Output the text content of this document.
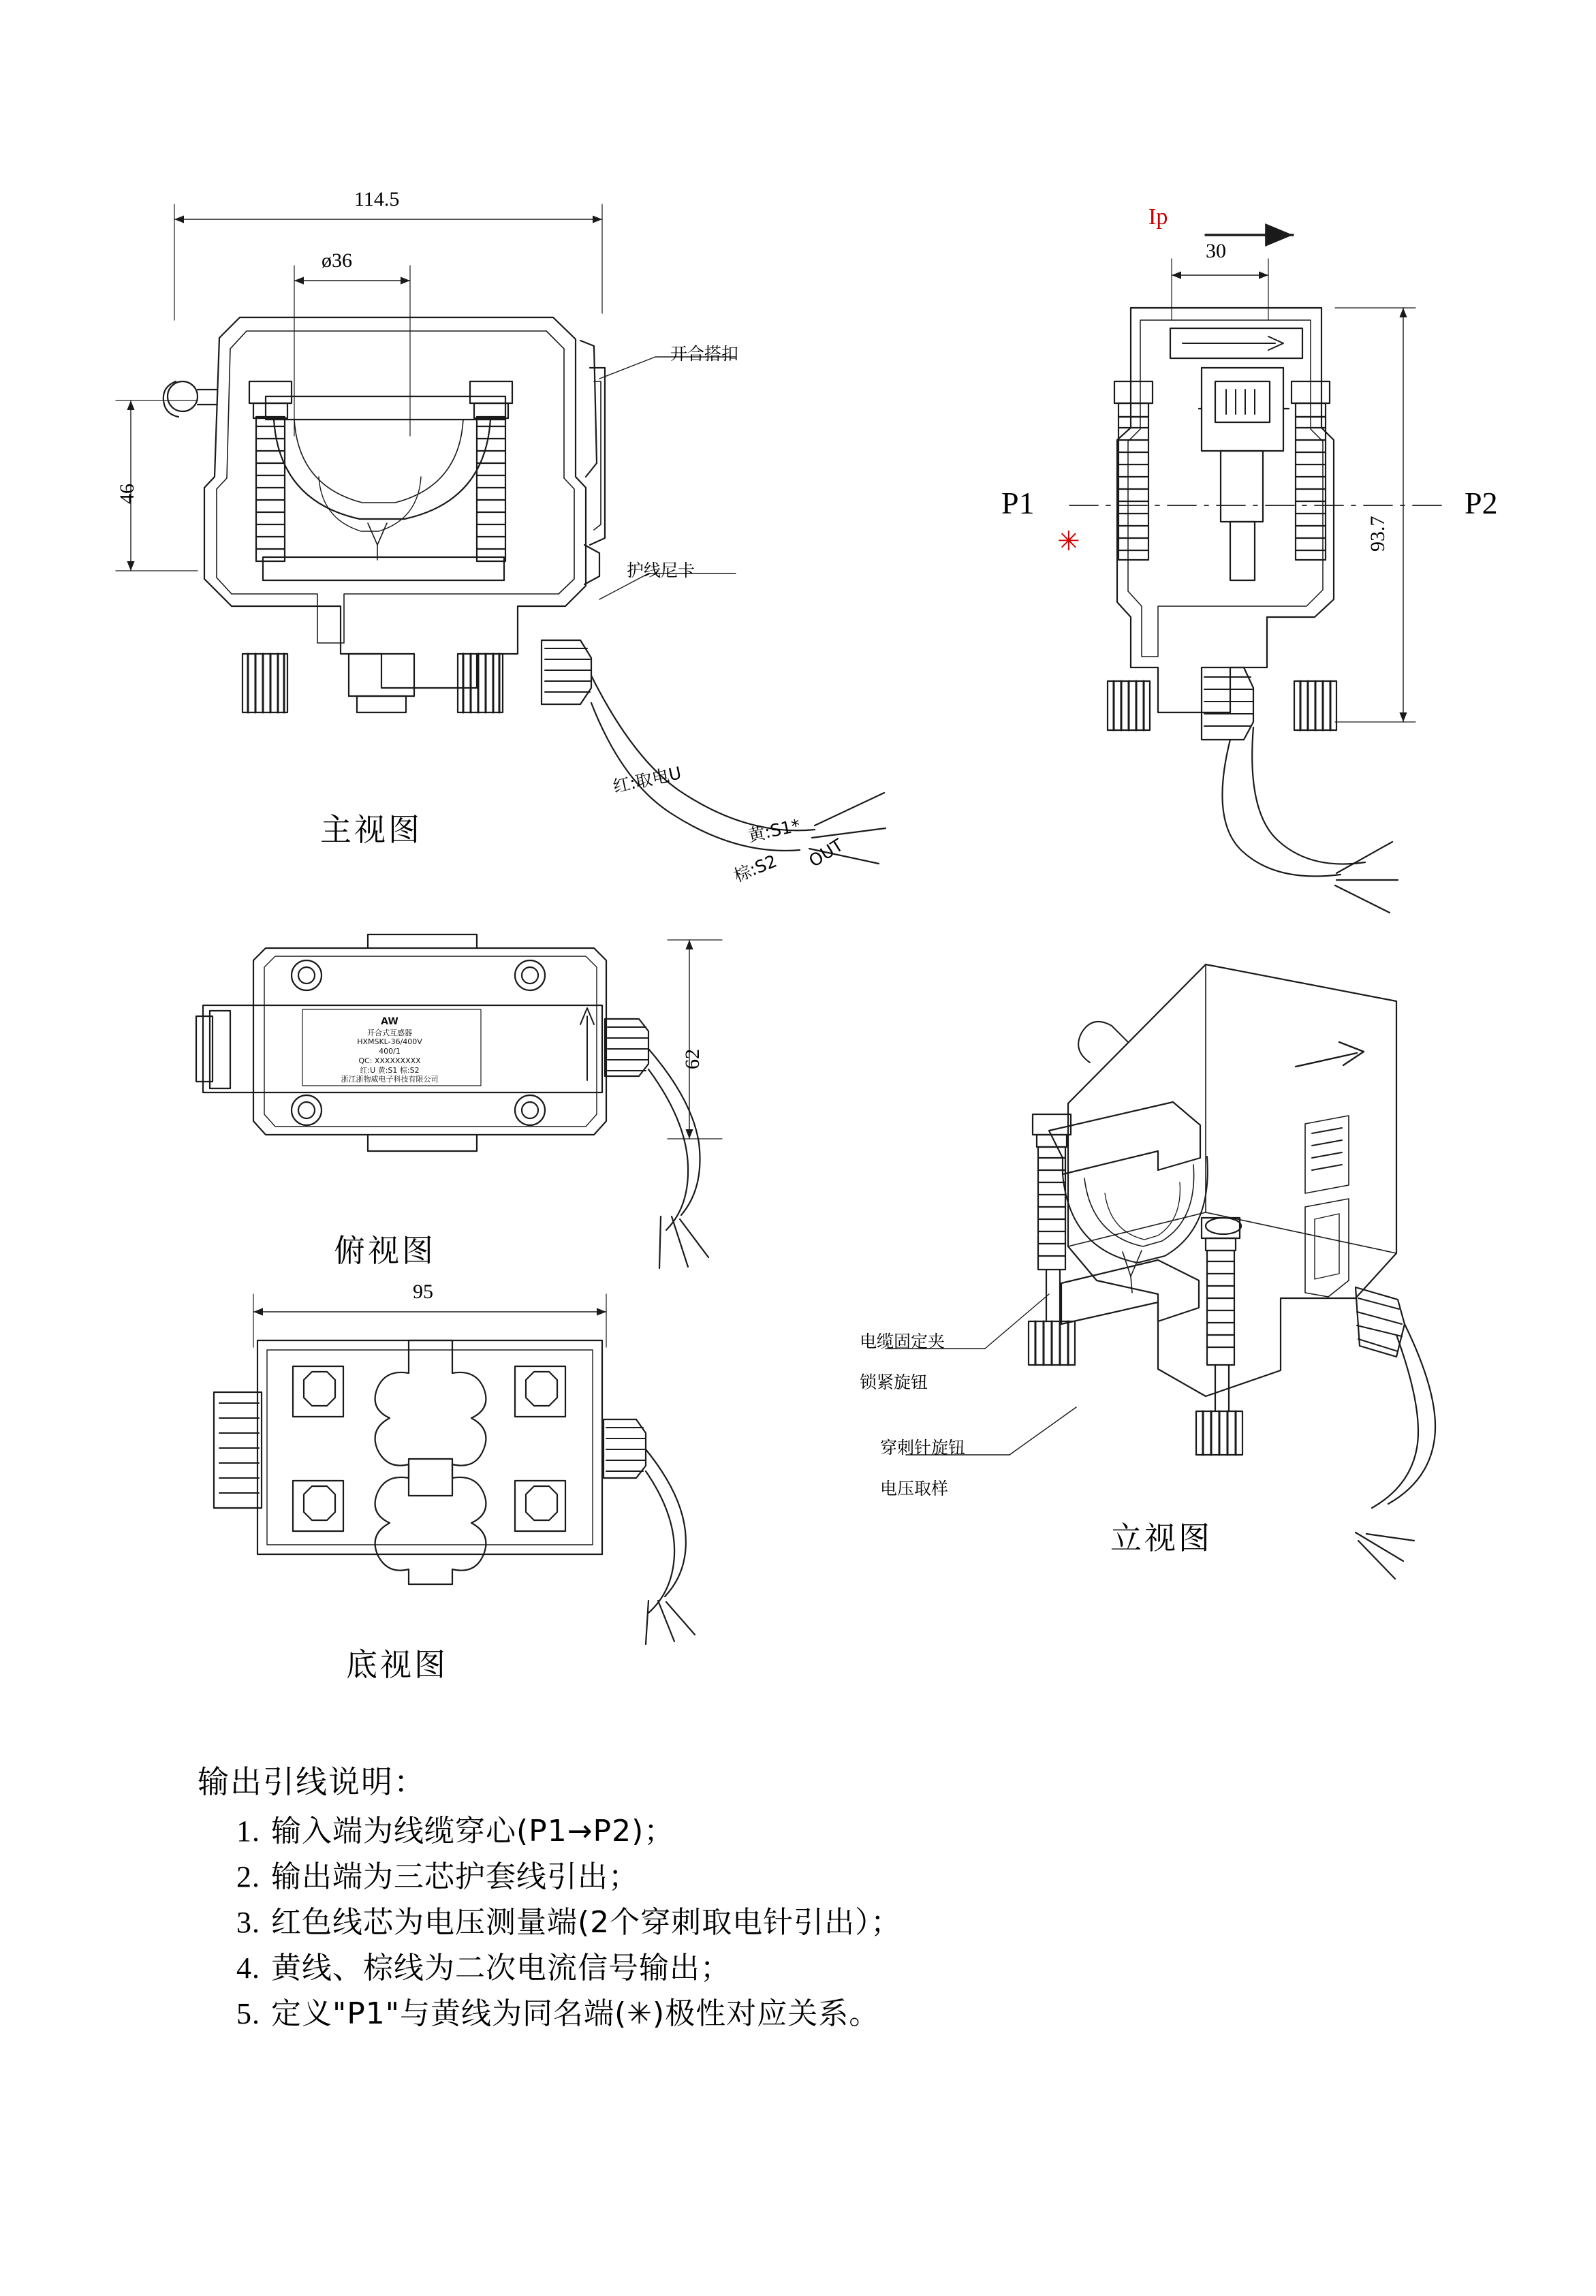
114.5
ø36
46
开合搭扣
护线尼卡
主视图
红:取电U
黄:S1*
棕:S2 OUT
Ip
30
93.7
P1
✳
P2
62
俯视图
AW
开合式互感器
HXMSKL-36/400V
400/1
QC: XXXXXXXXX
红:U 黄:S1 棕:S2
浙江浙物威电子科技有限公司
95
底视图
电缆固定夹
锁紧旋钮
穿刺针旋钮
电压取样
立视图
输出引线说明：
1. 输入端为线缆穿心(P1→P2)；
2. 输出端为三芯护套线引出；
3. 红色线芯为电压测量端(2个穿刺取电针引出）；
4. 黄线、棕线为二次电流信号输出；
5. 定义"P1"与黄线为同名端(✳)极性对应关系。
